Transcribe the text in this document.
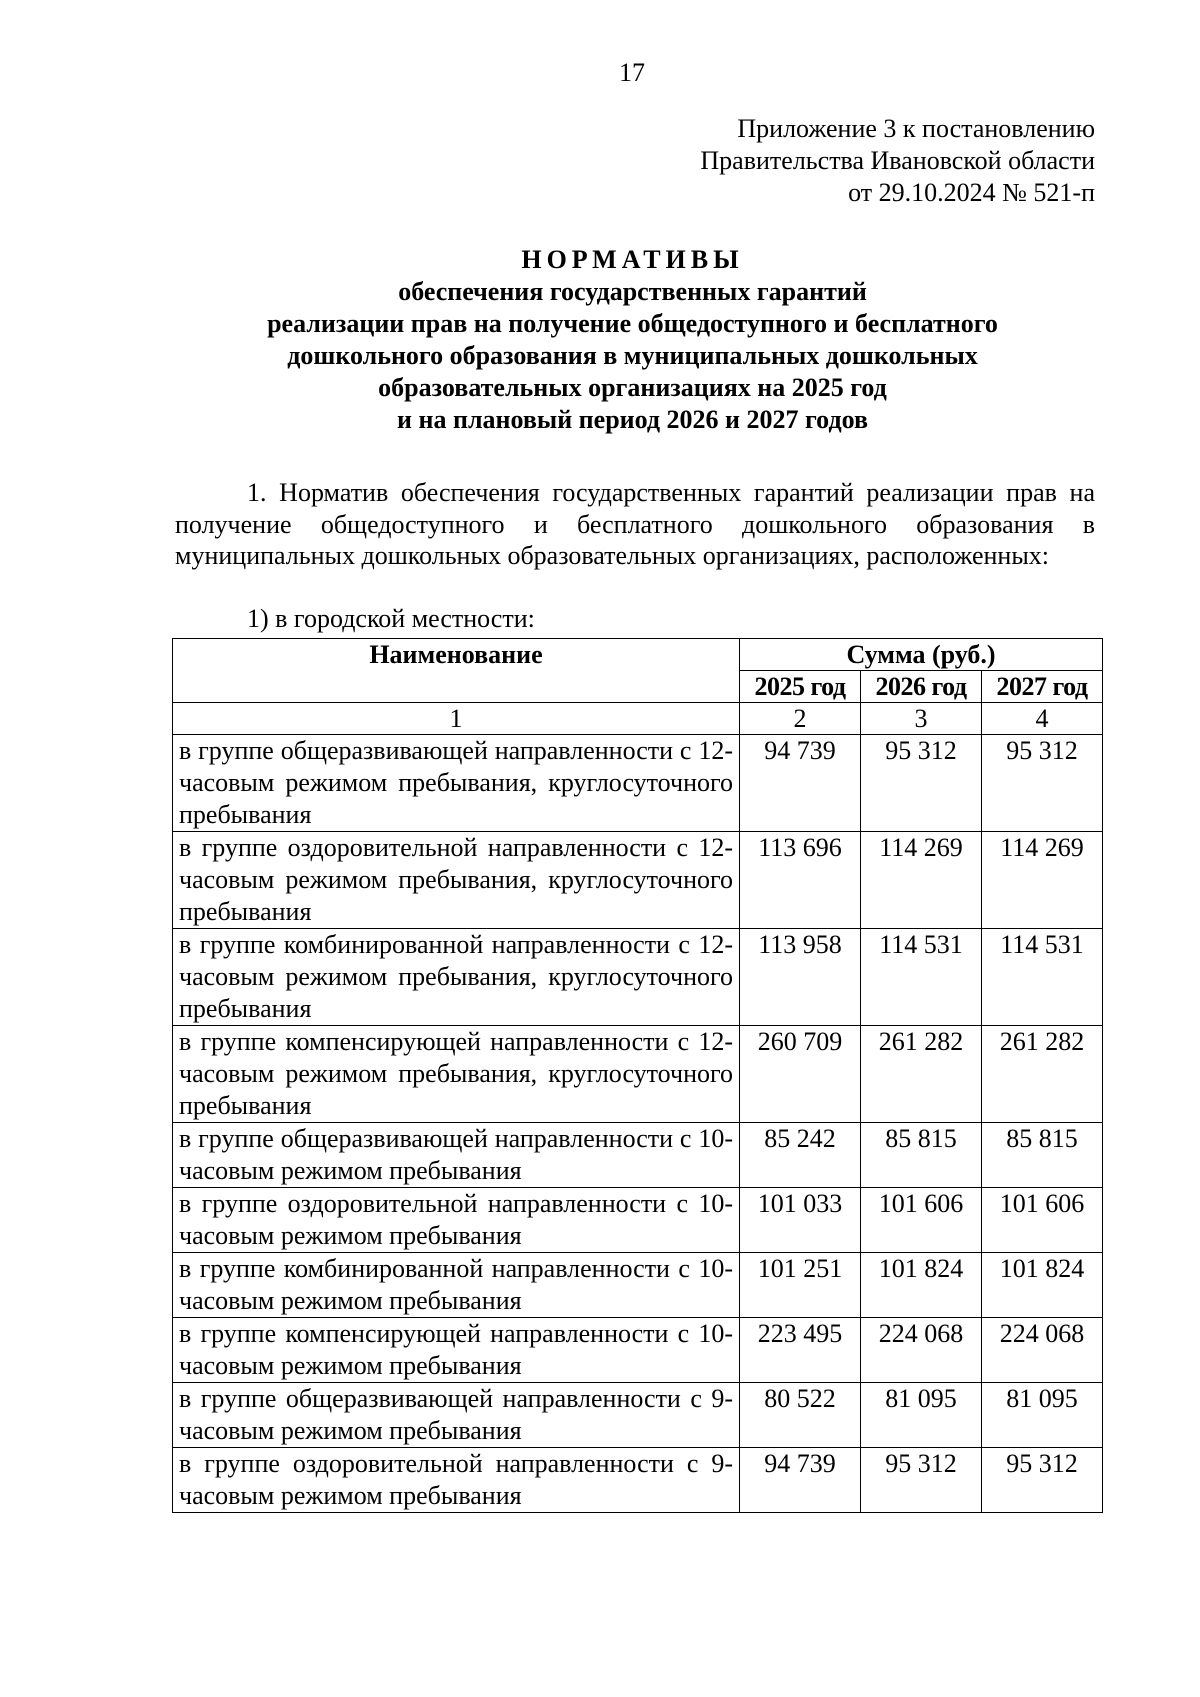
17
Приложение 3 к постановлению
Правительства Ивановской области
от 29.10.2024 № 521-п
НОРМАТИВЫ
обеспечения государственных гарантий
реализации прав на получение общедоступного и бесплатного
дошкольного образования в муниципальных дошкольных
образовательных организациях на 2025 год
и на плановый период 2026 и 2027 годов
1. Норматив обеспечения государственных гарантий реализации прав на получение общедоступного и бесплатного дошкольного образования в муниципальных дошкольных образовательных организациях, расположенных:
1) в городской местности:
Наименование	Сумма (руб.)		
	2025 год	2026 год	2027 год
1	2	3	4
в группе общеразвивающей направленности с 12-часовым режимом пребывания, круглосуточного пребывания	94 739	95 312	95 312
в группе оздоровительной направленности с 12-часовым режимом пребывания, круглосуточного пребывания	113 696	114 269	114 269
в группе комбинированной направленности с 12-часовым режимом пребывания, круглосуточного пребывания	113 958	114 531	114 531
в группе компенсирующей направленности с 12-часовым режимом пребывания, круглосуточного пребывания	260 709	261 282	261 282
в группе общеразвивающей направленности с 10-часовым режимом пребывания	85 242	85 815	85 815
в группе оздоровительной направленности с 10-часовым режимом пребывания	101 033	101 606	101 606
в группе комбинированной направленности с 10-часовым режимом пребывания	101 251	101 824	101 824
в группе компенсирующей направленности с 10-часовым режимом пребывания	223 495	224 068	224 068
в группе общеразвивающей направленности с 9-часовым режимом пребывания	80 522	81 095	81 095
в группе оздоровительной направленности с 9-часовым режимом пребывания	94 739	95 312	95 312
